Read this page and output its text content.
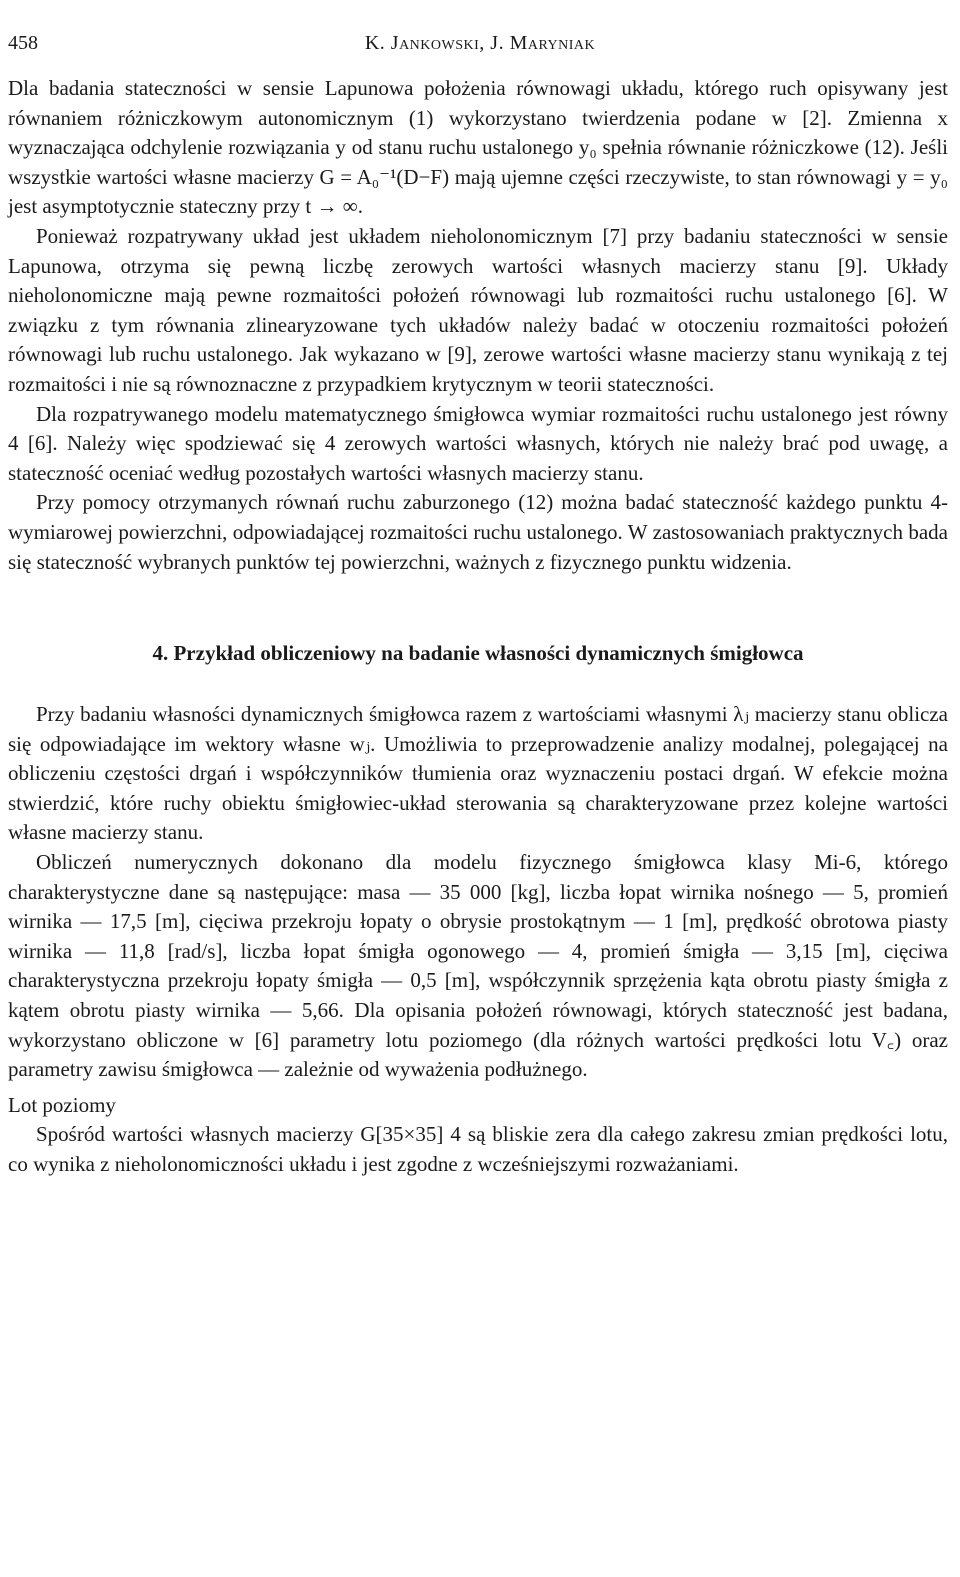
458	K. Jankowski, J. Maryniak

Dla badania stateczności w sensie Lapunowa położenia równowagi układu, którego ruch opisywany jest równaniem różniczkowym autonomicznym (1) wykorzystano twierdzenia podane w [2]. Zmienna x wyznaczająca odchylenie rozwiązania y od stanu ruchu ustalonego y₀ spełnia równanie różniczkowe (12). Jeśli wszystkie wartości własne macierzy G = A₀⁻¹(D−F) mają ujemne części rzeczywiste, to stan równowagi y = y₀ jest asymptotycznie stateczny przy t → ∞.

Ponieważ rozpatrywany układ jest układem nieholonomicznym [7] przy badaniu stateczności w sensie Lapunowa, otrzyma się pewną liczbę zerowych wartości własnych macierzy stanu [9]. Układy nieholonomiczne mają pewne rozmaitości położeń równowagi lub rozmaitości ruchu ustalonego [6]. W związku z tym równania zlinearyzowane tych układów należy badać w otoczeniu rozmaitości położeń równowagi lub ruchu ustalonego. Jak wykazano w [9], zerowe wartości własne macierzy stanu wynikają z tej rozmaitości i nie są równoznaczne z przypadkiem krytycznym w teorii stateczności.

Dla rozpatrywanego modelu matematycznego śmigłowca wymiar rozmaitości ruchu ustalonego jest równy 4 [6]. Należy więc spodziewać się 4 zerowych wartości własnych, których nie należy brać pod uwagę, a stateczność oceniać według pozostałych wartości własnych macierzy stanu.

Przy pomocy otrzymanych równań ruchu zaburzonego (12) można badać stateczność każdego punktu 4-wymiarowej powierzchni, odpowiadającej rozmaitości ruchu ustalonego. W zastosowaniach praktycznych bada się stateczność wybranych punktów tej powierzchni, ważnych z fizycznego punktu widzenia.

4. Przykład obliczeniowy na badanie własności dynamicznych śmigłowca

Przy badaniu własności dynamicznych śmigłowca razem z wartościami własnymi λⱼ macierzy stanu oblicza się odpowiadające im wektory własne wⱼ. Umożliwia to przeprowadzenie analizy modalnej, polegającej na obliczeniu częstości drgań i współczynników tłumienia oraz wyznaczeniu postaci drgań. W efekcie można stwierdzić, które ruchy obiektu śmigłowiec-układ sterowania są charakteryzowane przez kolejne wartości własne macierzy stanu.

Obliczeń numerycznych dokonano dla modelu fizycznego śmigłowca klasy Mi-6, którego charakterystyczne dane są następujące: masa — 35 000 [kg], liczba łopat wirnika nośnego — 5, promień wirnika — 17,5 [m], cięciwa przekroju łopaty o obrysie prostokątnym — 1 [m], prędkość obrotowa piasty wirnika — 11,8 [rad/s], liczba łopat śmigła ogonowego — 4, promień śmigła — 3,15 [m], cięciwa charakterystyczna przekroju łopaty śmigła — 0,5 [m], współczynnik sprzężenia kąta obrotu piasty śmigła z kątem obrotu piasty wirnika — 5,66. Dla opisania położeń równowagi, których stateczność jest badana, wykorzystano obliczone w [6] parametry lotu poziomego (dla różnych wartości prędkości lotu V꜀) oraz parametry zawisu śmigłowca — zależnie od wyważenia podłużnego.

Lot poziomy

Spośród wartości własnych macierzy G[35×35] 4 są bliskie zera dla całego zakresu zmian prędkości lotu, co wynika z nieholonomiczności układu i jest zgodne z wcześniejszymi rozważaniami.
